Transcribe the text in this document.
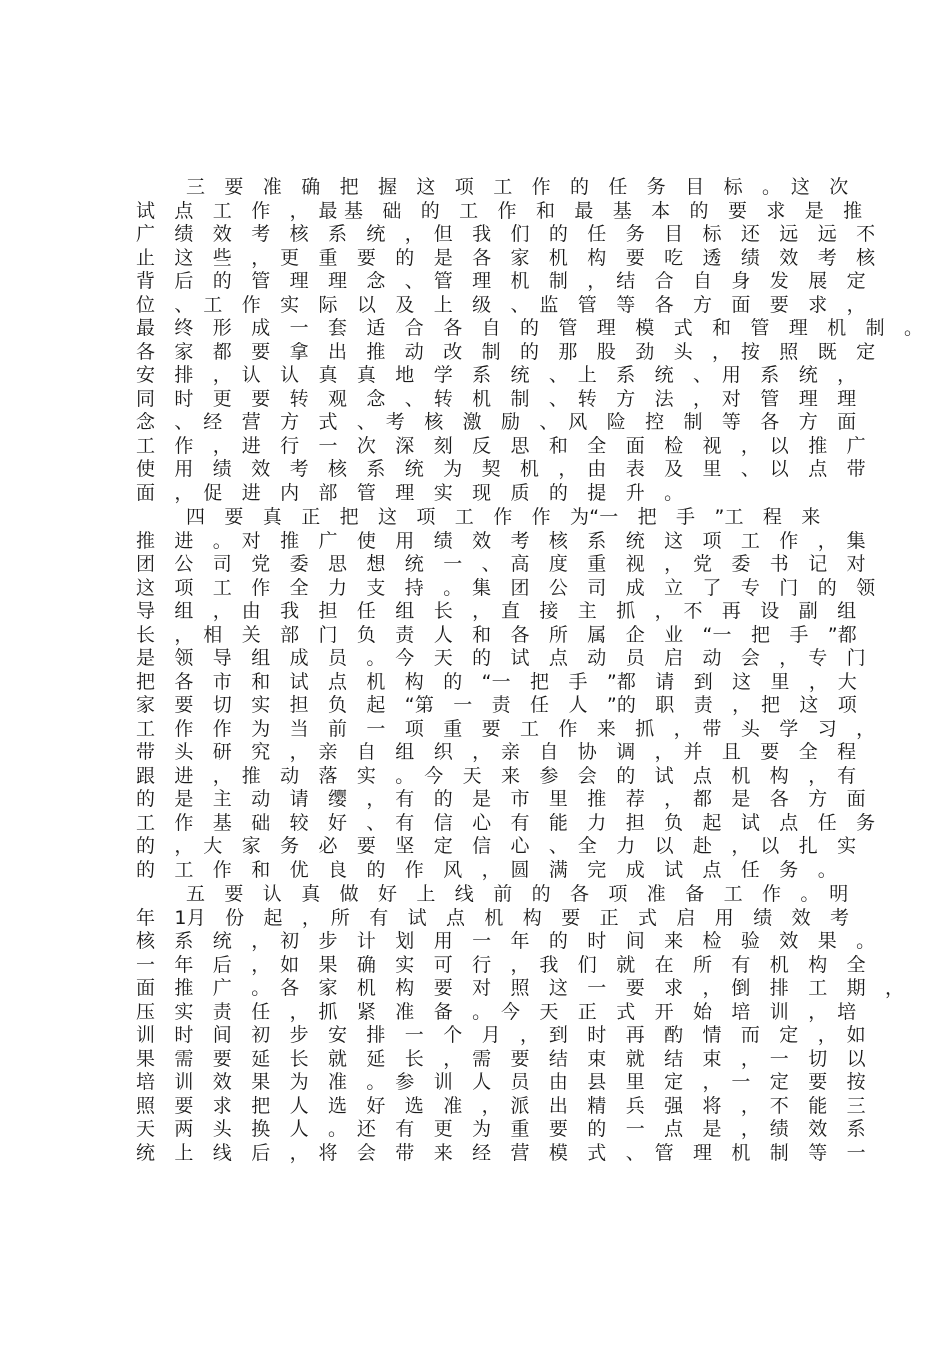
三　要　准　确　把　握　这　项　工　作　的　任　务　目　标　。　这　次
试　点　工　作　，　最 基　础　的　工　作　和　最　基　本　的　要　求　是　推
广　绩　效　考　核　系　统　，　但　我　们　的　任　务　目　标　还　远　远　不
止　这　些　，　更　重　要　的　是　各　家　机　构　要　吃　透　绩　效　考　核
背　后　的　管　理　理　念　、　管　理　机　制　，　结　合　自　身　发　展　定
位　、　工　作　实　际　以　及　上　级　、　监　管　等　各　方　面　要　求　，
最　终　形　成　一　套　适　合　各　自　的　管　理　模　式　和　管　理　机　制　。
各　家　都　要　拿　出　推　动　改　制　的　那　股　劲　头　，　按　照　既　定
安　排　，　认　认　真　真　地　学　系　统　、　上　系　统　、　用　系　统　，
同　时　更　要　转　观　念　、　转　机　制　、　转　方　法　，　对　管　理　理
念　、　经　营　方　式　、　考　核　激　励　、　风　险　控　制　等　各　方　面
工　作　，　进　行　一　次　深　刻　反　思　和　全　面　检　视　，　以　推　广
使　用　绩　效　考　核　系　统　为　契　机　，　由　表　及　里　、　以　点　带
面　，　促　进　内　部　管　理　实　现　质　的　提　升　。
四　要　真　正　把　这　项　工　作　作　为“一　把　手　”工　程　来
推　进　。　对　推　广　使　用　绩　效　考　核　系　统　这　项　工　作　，　集
团　公　司　党　委　思　想　统　一　、　高　度　重　视　，　党　委　书　记　对
这　项　工　作　全　力　支　持　。　集　团　公　司　成　立　了　专　门　的　领
导　组　，　由　我　担　任　组　长　，　直　接　主　抓　，　不　再　设　副　组
长　，　相　关　部　门　负　责　人　和　各　所　属　企　业　“一　把　手　”都
是　领　导　组　成　员　。　今　天　的　试　点　动　员　启　动　会　，　专　门
把　各　市　和　试　点　机　构　的　“一　把　手　”都　请　到　这　里　，　大
家　要　切　实　担　负　起　“第　一　责　任　人　”的　职　责　，　把　这　项
工　作　作　为　当　前　一　项　重　要　工　作　来　抓　，　带　头　学　习　，
带　头　研　究　，　亲　自　组　织　，　亲　自　协　调　，　并　且　要　全　程
跟　进　，　推　动　落　实　。　今　天　来　参　会　的　试　点　机　构　，　有
的　是　主　动　请　缨　，　有　的　是　市　里　推　荐　，　都　是　各　方　面
工　作　基　础　较　好　、　有　信　心　有　能　力　担　负　起　试　点　任　务
的　，　大　家　务　必　要　坚　定　信　心　、　全　力　以　赴　，　以　扎　实
的　工　作　和　优　良　的　作　风　，　圆　满　完　成　试　点　任　务　。
五　要　认　真　做　好　上　线　前　的　各　项　准　备　工　作　。　明
年　1月　份　起　，　所　有　试　点　机　构　要　正　式　启　用　绩　效　考
核　系　统　，　初　步　计　划　用　一　年　的　时　间　来　检　验　效　果　。
一　年　后　，　如　果　确　实　可　行　，　我　们　就　在　所　有　机　构　全
面　推　广　。　各　家　机　构　要　对　照　这　一　要　求　，　倒　排　工　期　，
压　实　责　任　，　抓　紧　准　备　。　今　天　正　式　开　始　培　训　，　培
训　时　间　初　步　安　排　一　个　月　，　到　时　再　酌　情　而　定　，　如
果　需　要　延　长　就　延　长　，　需　要　结　束　就　结　束　，　一　切　以
培　训　效　果　为　准　。　参　训　人　员　由　县　里　定　，　一　定　要　按
照　要　求　把　人　选　好　选　准　，　派　出　精　兵　强　将　，　不　能　三
天　两　头　换　人　。　还　有　更　为　重　要　的　一　点　是　，　绩　效　系
统　上　线　后　，　将　会　带　来　经　营　模　式　、　管　理　机　制　等　一
